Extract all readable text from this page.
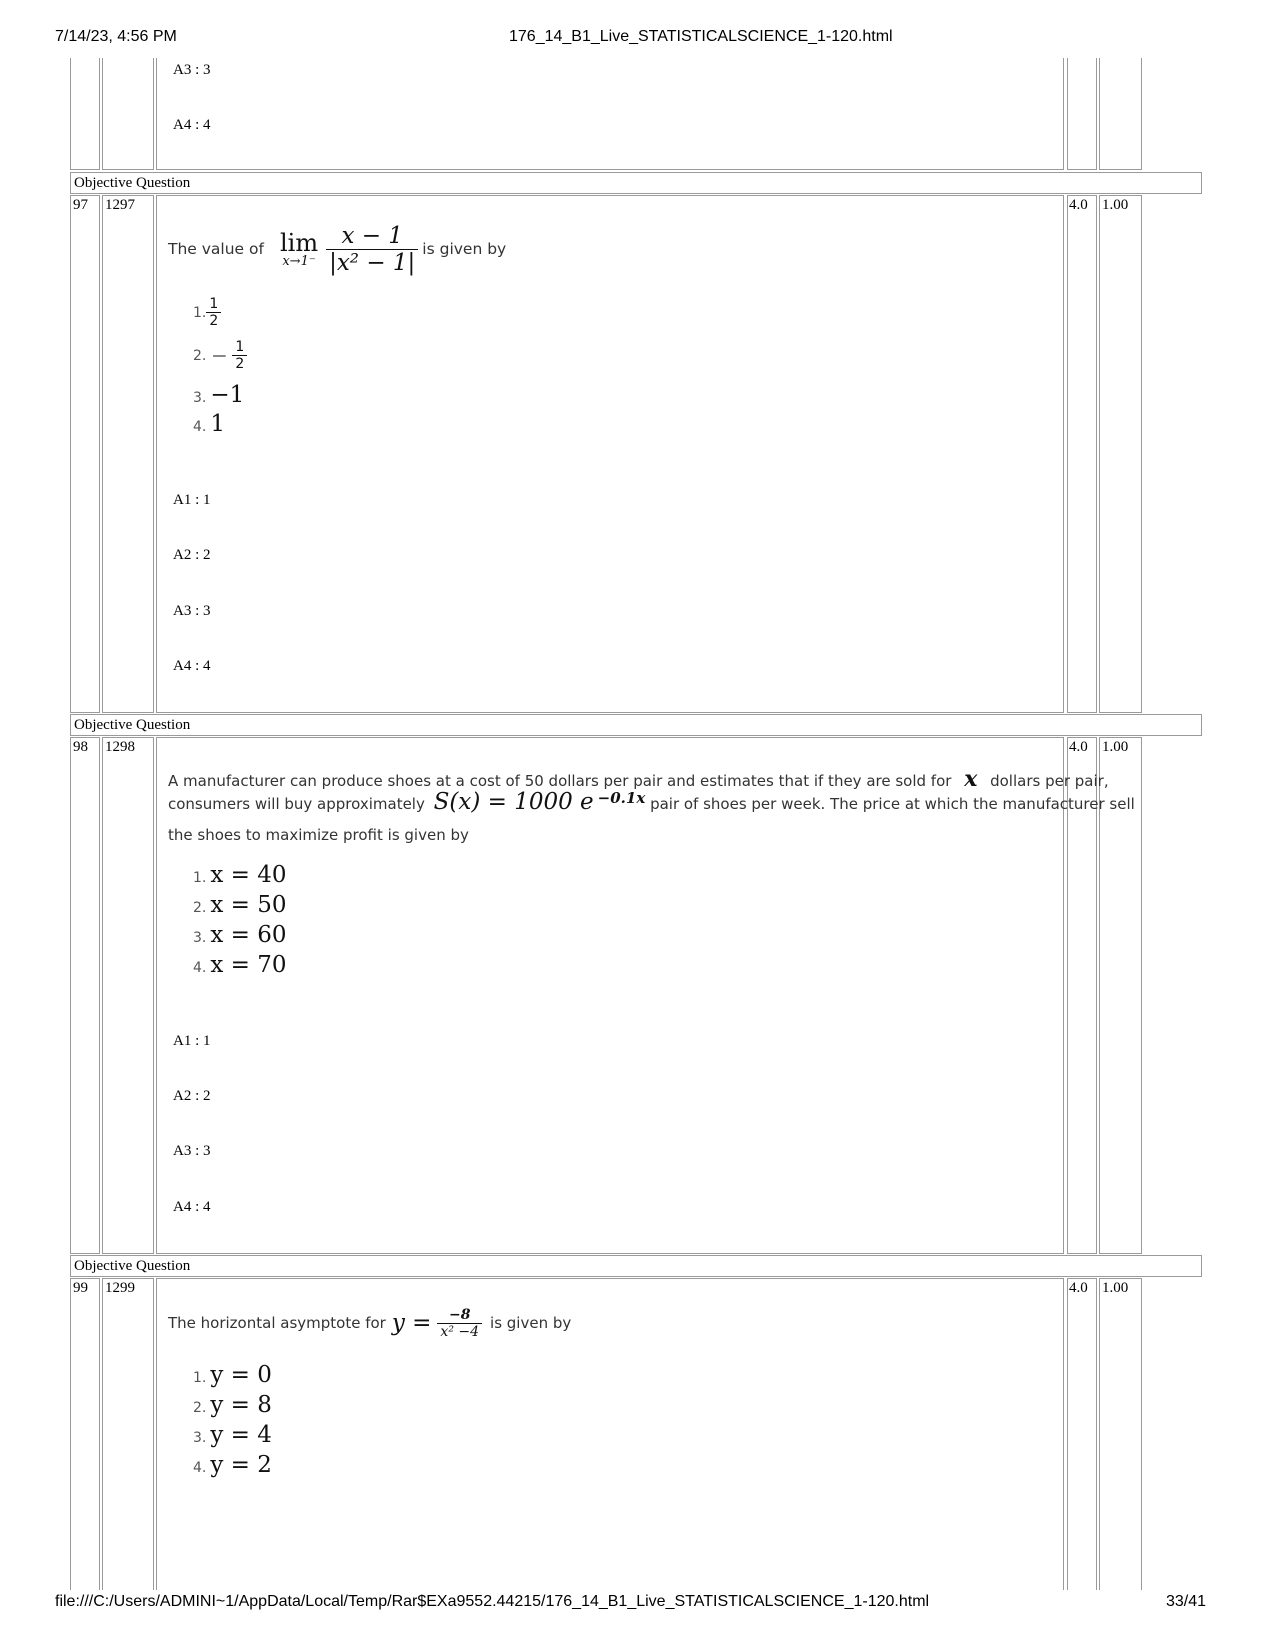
7/14/23, 4:56 PM	176_14_B1_Live_STATISTICALSCIENCE_1-120.html
file:///C:/Users/ADMINI~1/AppData/Local/Temp/Rar$EXa9552.44215/176_14_B1_Live_STATISTICALSCIENCE_1-120.html	33/41
A3 : 3
A4 : 4
Objective Question
97 1297	4.0 1.00
The value of lim
$x\to 1^- \frac{x - 1}{\text{|x² − 1|}}$ is given by
1. $\frac{1}{2}$
2. — $\frac{1}{2}$
3. −1
4. 1
A1 : 1
A2 : 2
A3 : 3
A4 : 4
Objective Question
98 1298	4.0 1.00
A manufacturer can produce shoes at a cost of 50 dollars per pair and estimates that if they are sold for x dollars per pair,
consumers will buy approximately S(x) = 1000 e $^{-0.1x}$ pair of shoes per week. The price at which the manufacturer sell
the shoes to maximize profit is given by
1. x = 40
2. x = 50
3. x = 60
4. x = 70
A1 : 1
A2 : 2
A3 : 3
A4 : 4
Objective Question
99 1299	4.0 1.00
The horizontal asymptote for $y = \frac{-8}{\text{x² −4}}$ is given by
1. y = 0
2. y = 8
3. y = 4
4. y = 2
